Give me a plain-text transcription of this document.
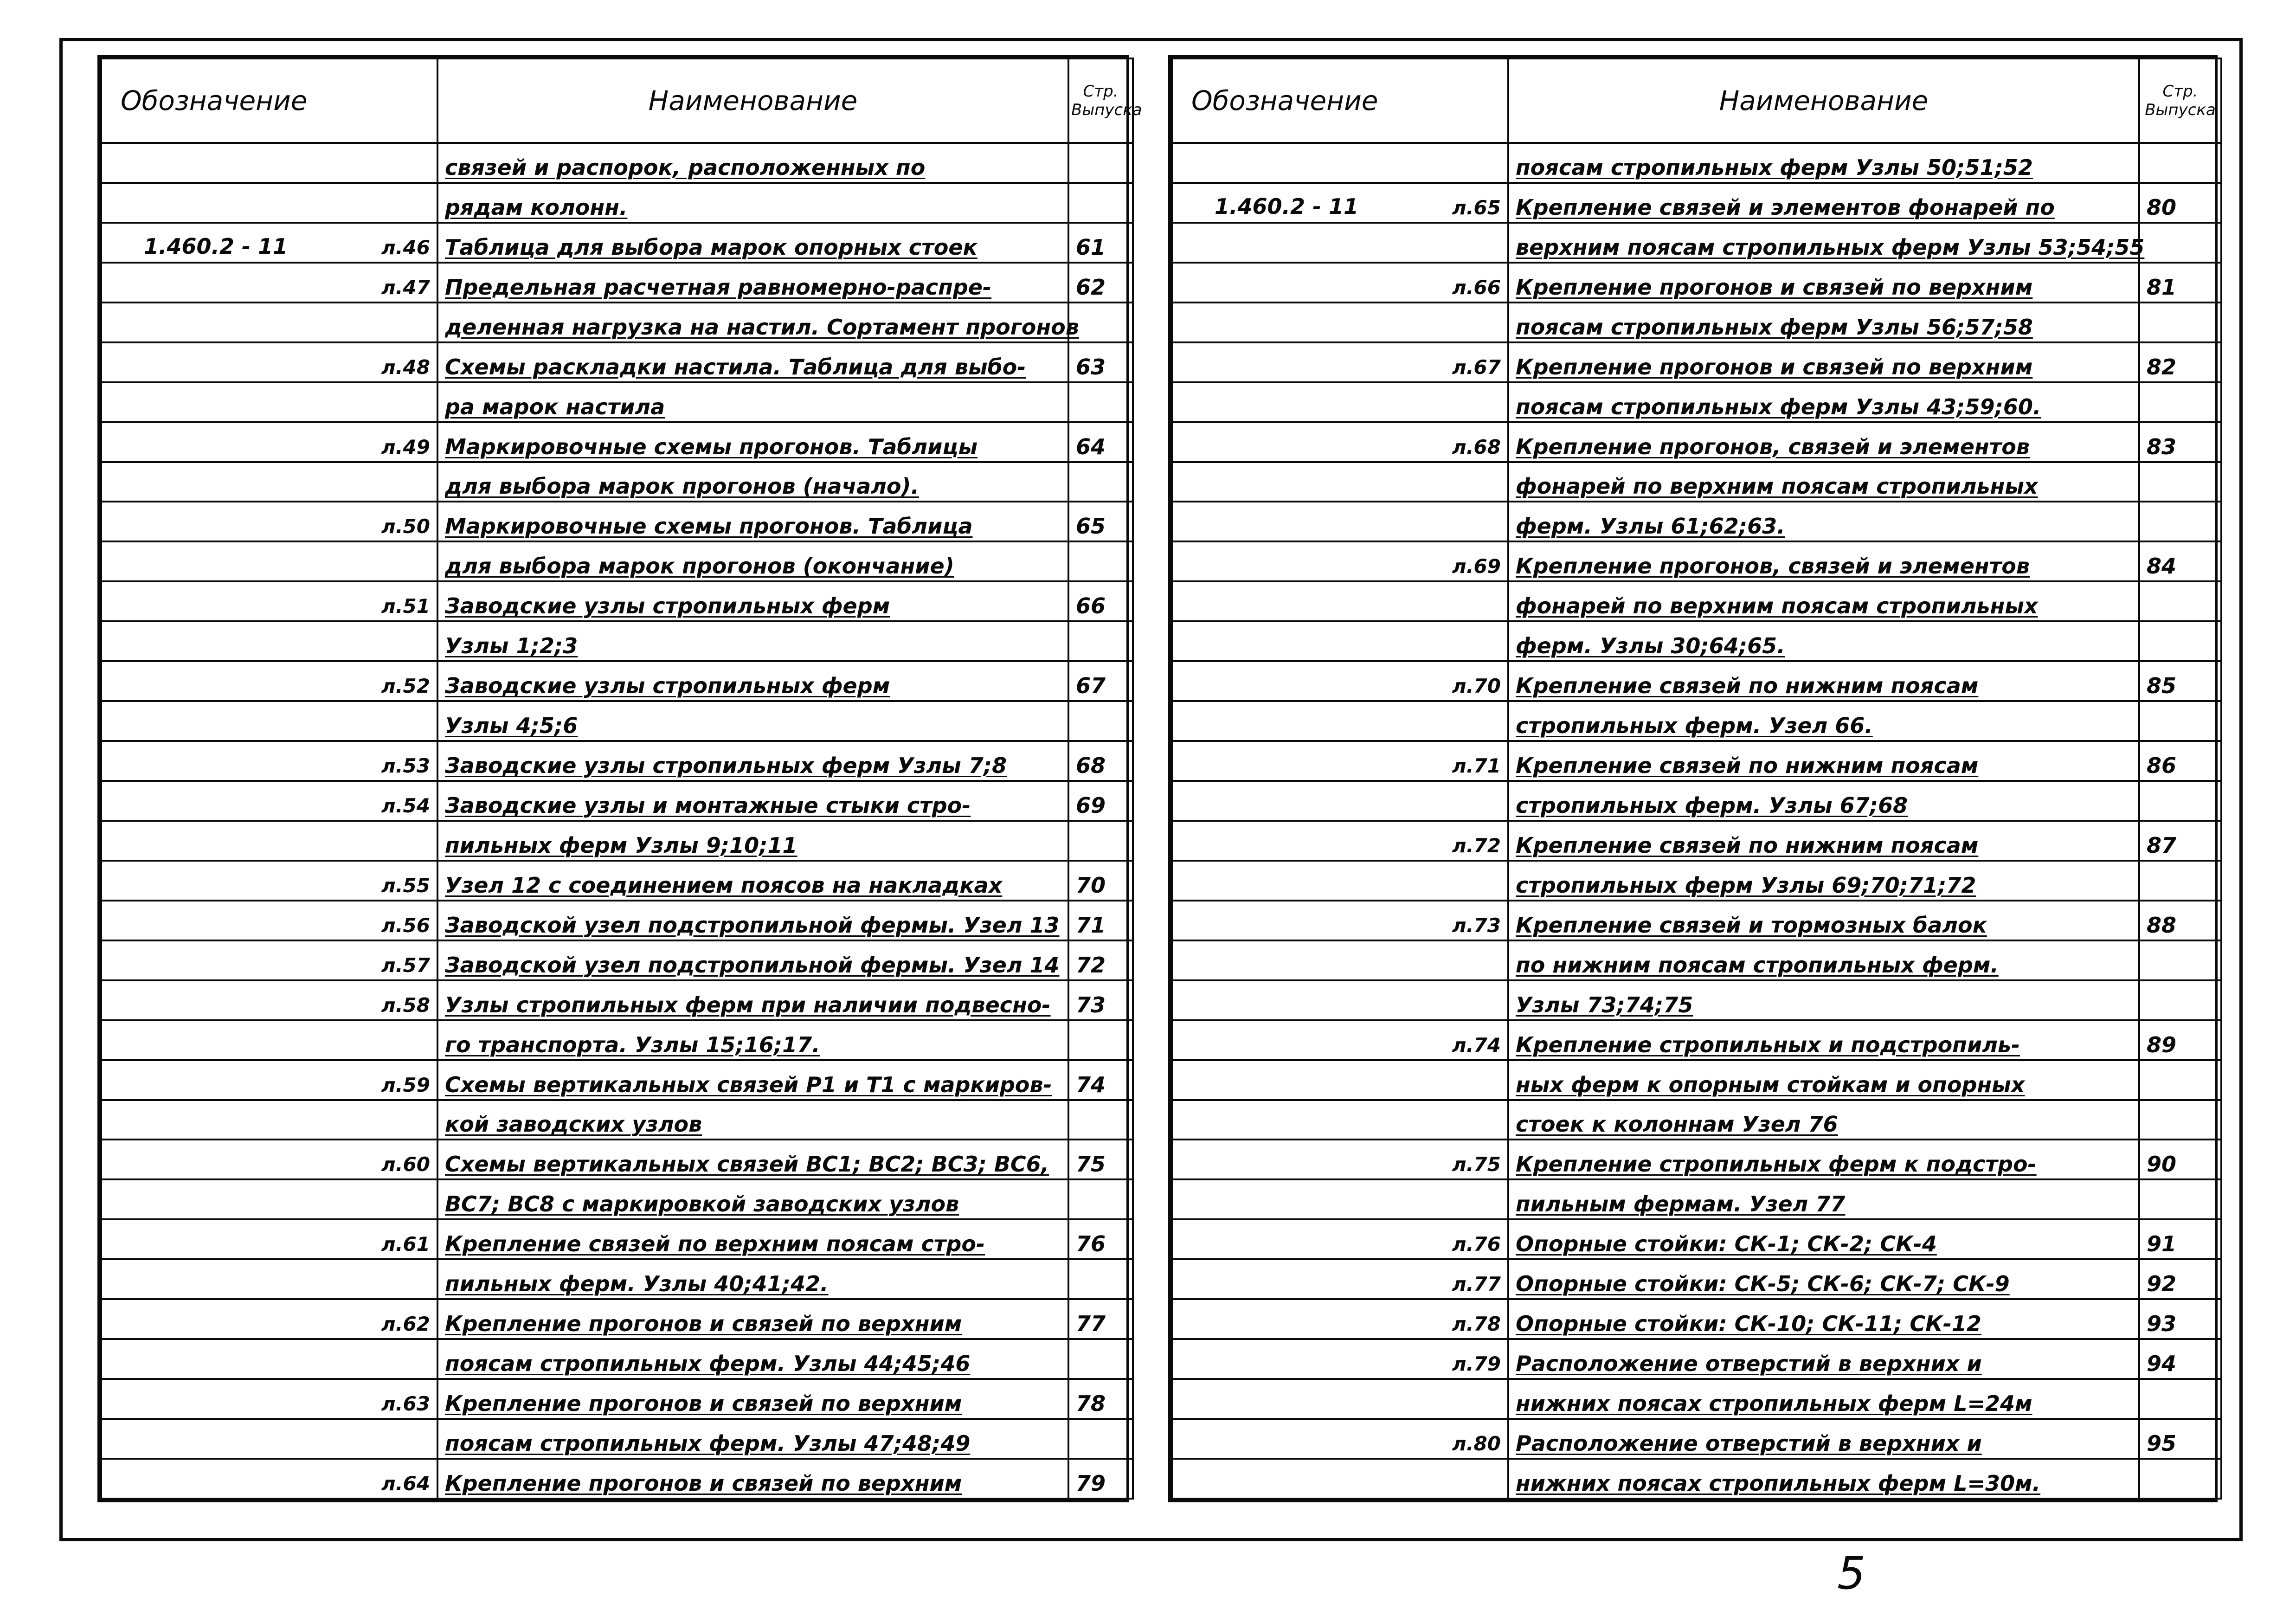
Обозначение	Наименование	Стр.
Выпуска

	связей и распорок, расположенных по	

	рядам колонн.	

1.460.2 - 11 л.46	Таблица для выбора марок опорных стоек	61

л.47	Предельная расчетная равномерно-распре-	62

	деленная нагрузка на настил. Сортамент прогонов	

л.48	Схемы раскладки настила. Таблица для выбо-	63

	ра марок настила	

л.49	Маркировочные схемы прогонов. Таблицы	64

	для выбора марок прогонов (начало).	

л.50	Маркировочные схемы прогонов. Таблица	65

	для выбора марок прогонов (окончание)	

л.51	Заводские узлы стропильных ферм	66

	Узлы 1;2;3	

л.52	Заводские узлы стропильных ферм	67

	Узлы 4;5;6	

л.53	Заводские узлы стропильных ферм Узлы 7;8	68

л.54	Заводские узлы и монтажные стыки стро-	69

	пильных ферм Узлы 9;10;11	

л.55	Узел 12 с соединением поясов на накладках	70

л.56	Заводской узел подстропильной фермы. Узел 13	71

л.57	Заводской узел подстропильной фермы. Узел 14	72

л.58	Узлы стропильных ферм при наличии подвесно-	73

	го транспорта. Узлы 15;16;17.	

л.59	Схемы вертикальных связей Р1 и Т1 с маркиров-	74

	кой заводских узлов	

л.60	Схемы вертикальных связей ВС1; ВС2; ВС3; ВС6,	75

	ВС7; ВС8 с маркировкой заводских узлов	

л.61	Крепление связей по верхним поясам стро-	76

	пильных ферм. Узлы 40;41;42.	

л.62	Крепление прогонов и связей по верхним	77

	поясам стропильных ферм. Узлы 44;45;46	

л.63	Крепление прогонов и связей по верхним	78

	поясам стропильных ферм. Узлы 47;48;49	

л.64	Крепление прогонов и связей по верхним	79
Обозначение	Наименование	Стр.
Выпуска

	поясам стропильных ферм Узлы 50;51;52	

1.460.2 - 11 л.65	Крепление связей и элементов фонарей по	80

	верхним поясам стропильных ферм Узлы 53;54;55	

л.66	Крепление прогонов и связей по верхним	81

	поясам стропильных ферм Узлы 56;57;58	

л.67	Крепление прогонов и связей по верхним	82

	поясам стропильных ферм Узлы 43;59;60.	

л.68	Крепление прогонов, связей и элементов	83

	фонарей по верхним поясам стропильных	

	ферм. Узлы 61;62;63.	

л.69	Крепление прогонов, связей и элементов	84

	фонарей по верхним поясам стропильных	

	ферм. Узлы 30;64;65.	

л.70	Крепление связей по нижним поясам	85

	стропильных ферм. Узел 66.	

л.71	Крепление связей по нижним поясам	86

	стропильных ферм. Узлы 67;68	

л.72	Крепление связей по нижним поясам	87

	стропильных ферм Узлы 69;70;71;72	

л.73	Крепление связей и тормозных балок	88

	по нижним поясам стропильных ферм.	

	Узлы 73;74;75	

л.74	Крепление стропильных и подстропиль-	89

	ных ферм к опорным стойкам и опорных	

	стоек к колоннам Узел 76	

л.75	Крепление стропильных ферм к подстро-	90

	пильным фермам. Узел 77	

л.76	Опорные стойки: СК-1; СК-2; СК-4	91

л.77	Опорные стойки: СК-5; СК-6; СК-7; СК-9	92

л.78	Опорные стойки: СК-10; СК-11; СК-12	93

л.79	Расположение отверстий в верхних и	94

	нижних поясах стропильных ферм L=24м	

л.80	Расположение отверстий в верхних и	95

	нижних поясах стропильных ферм L=30м.	
5
